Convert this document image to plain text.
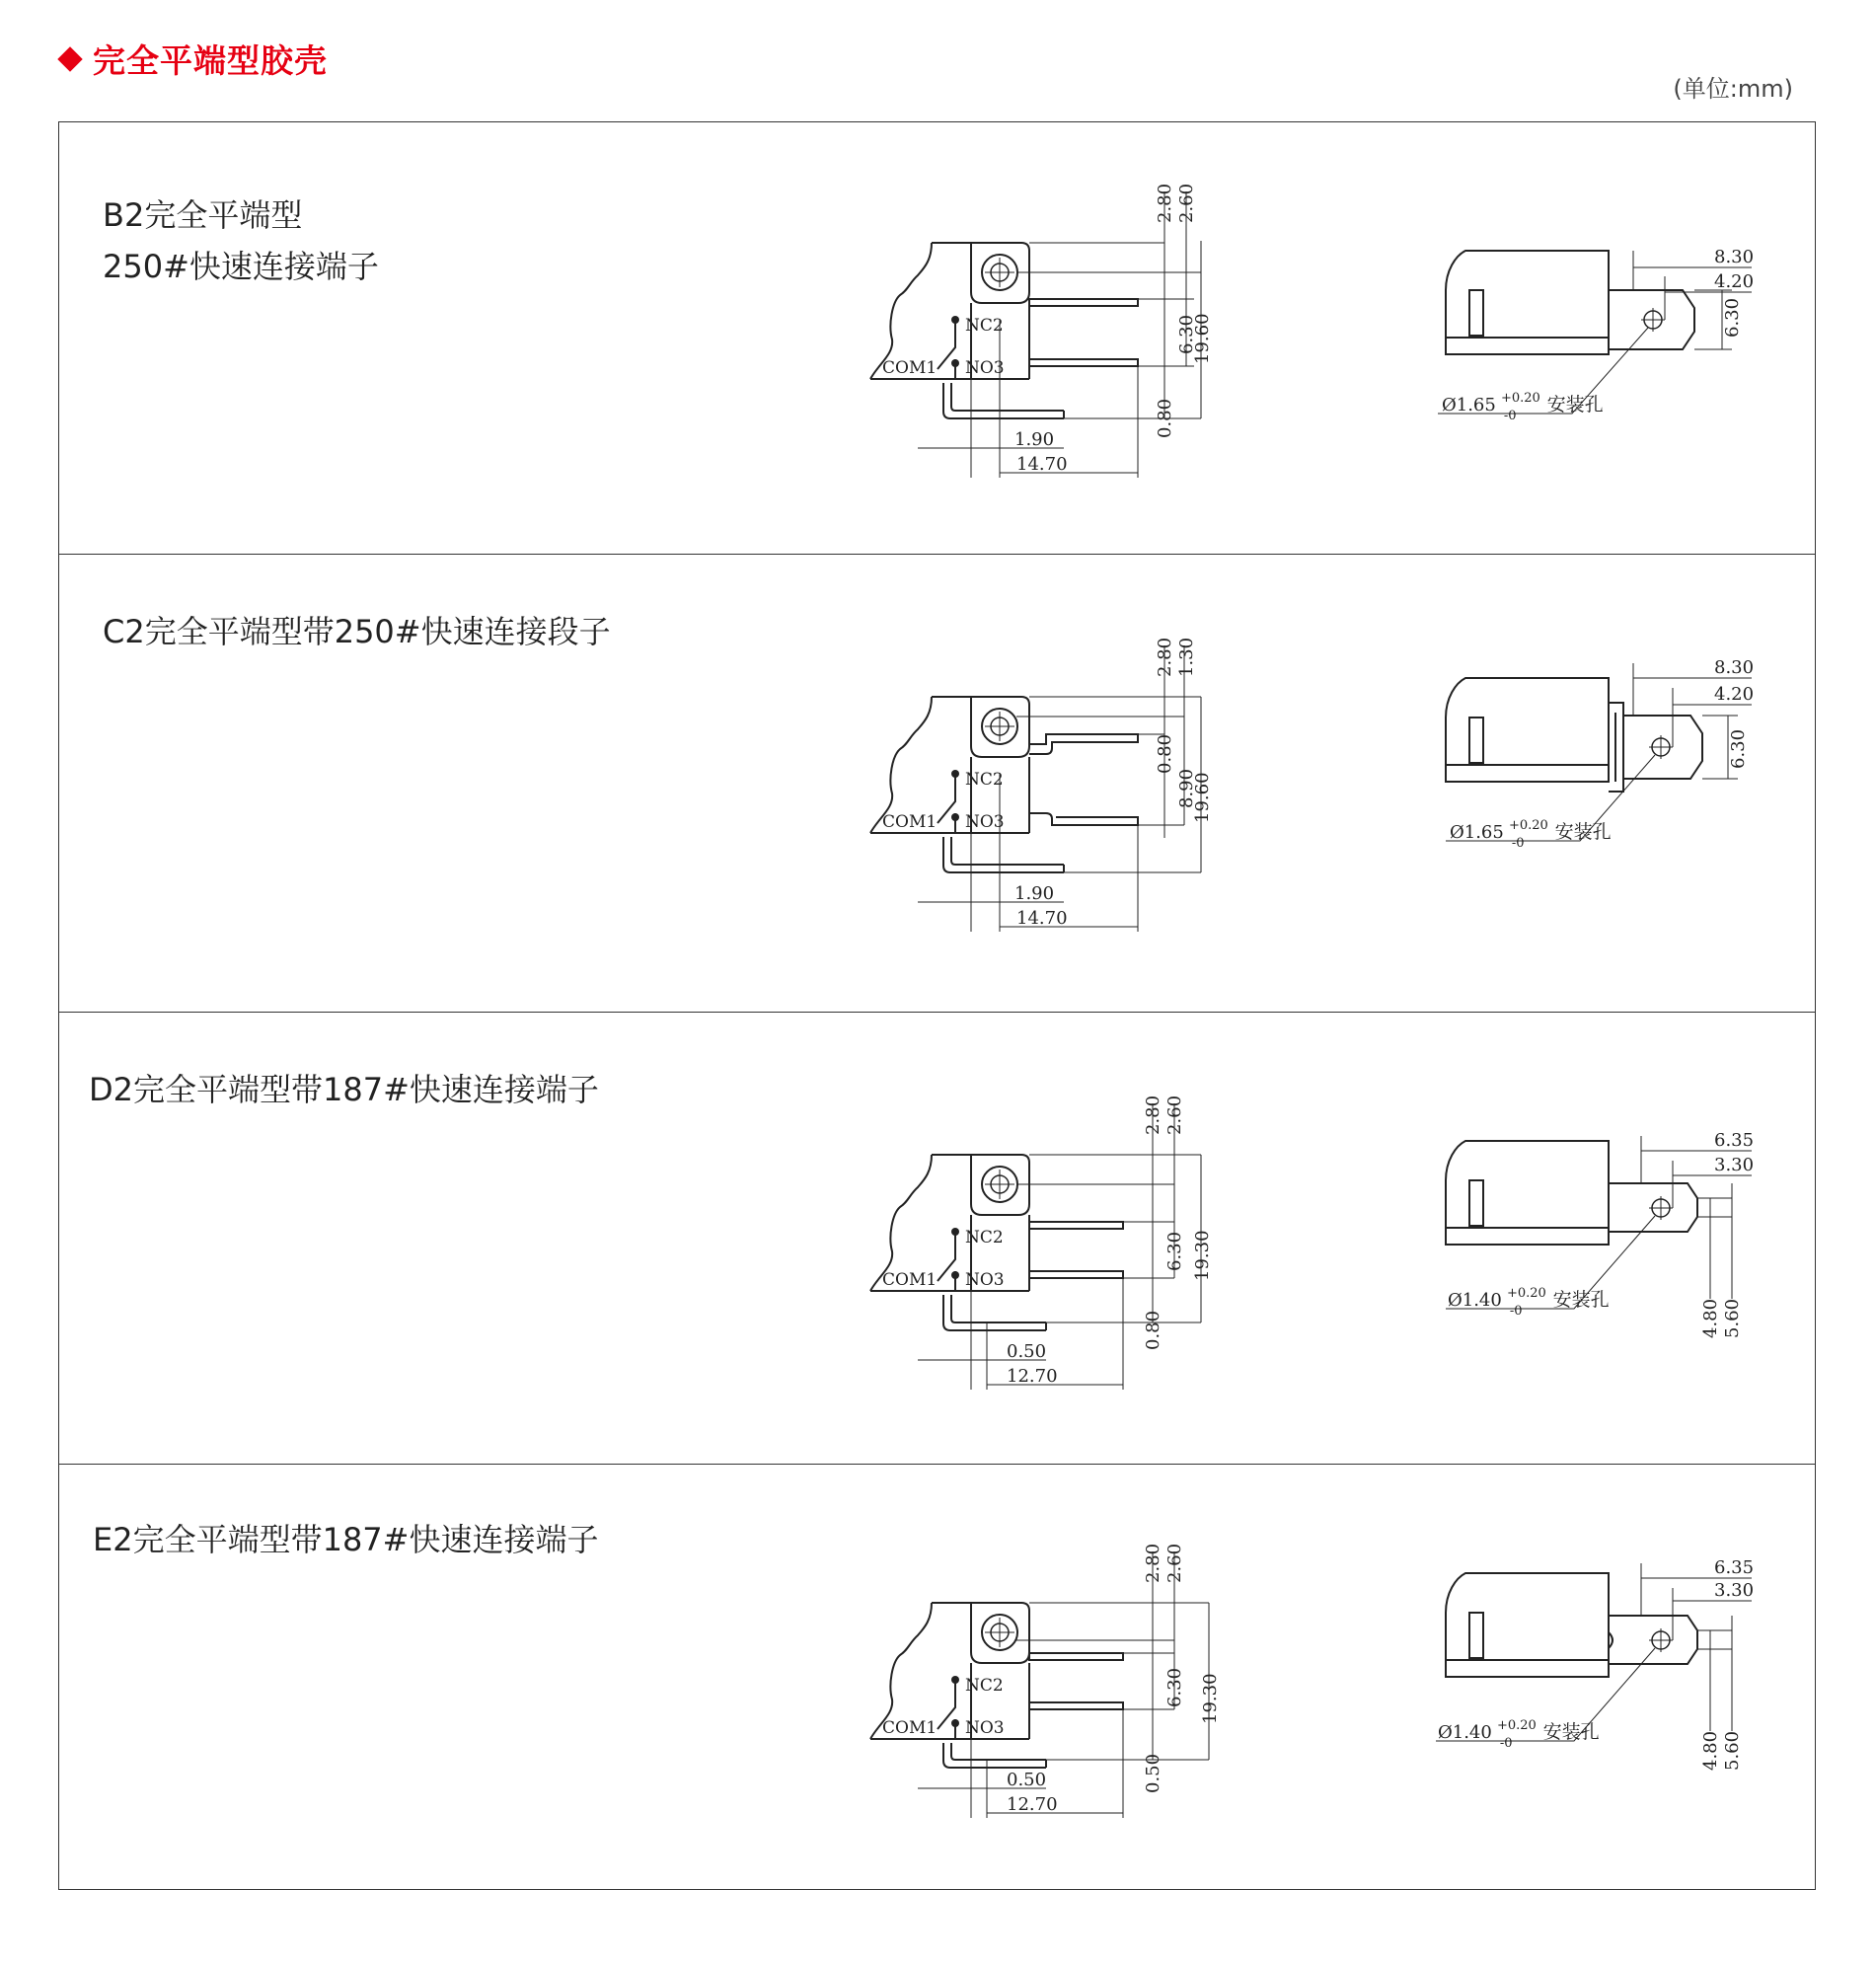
完全平端型胶壳
(单位:mm)
B2完全平端型
250#快速连接端子
2.80 2.60
6.30
19.60
0.80
1.90
14.70
NC2
NO3
COM1
8.30
4.20
6.30
Ø1.65 $^{+0.20}$ -0 安装孔
C2完全平端型带250#快速连接段子
2.80 1.30
0.80
8.90
19.60
1.90
14.70
NC2
NO3
COM1
8.30
4.20
6.30
Ø1.65 $^{+0.20}$ -0 安装孔
D2完全平端型带187#快速连接端子
2.80 2.60
6.30 19.30
0.80
0.50
12.70
NC2
NO3
COM1
6.35
3.30
4.80 5.60
Ø1.40 $^{+0.20}$ -0 安装孔
E2完全平端型带187#快速连接端子
2.80 2.60
6.30 19.30
0.50
0.50
12.70
NC2
NO3
COM1
6.35
3.30
4.80 5.60
Ø1.40 $^{+0.20}$ -0 安装孔
